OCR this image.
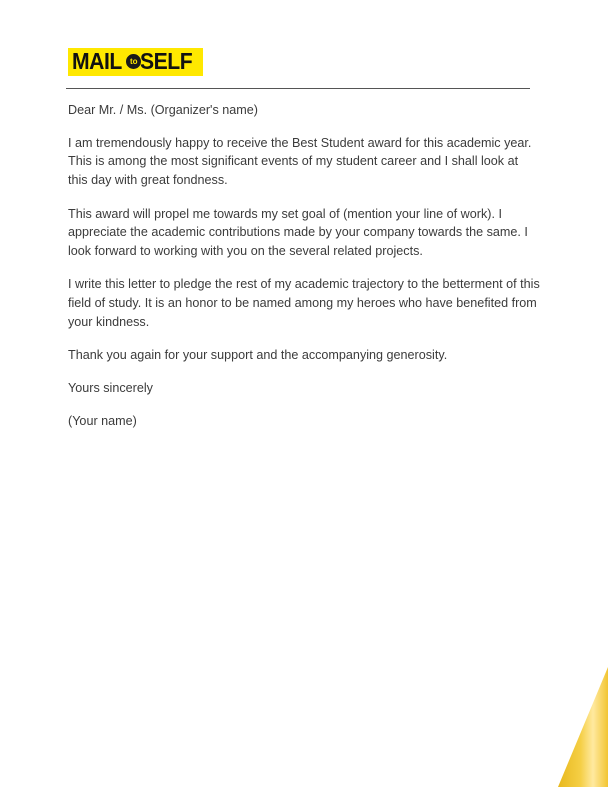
MAIL to SELF

Dear Mr. / Ms. (Organizer's name)

I am tremendously happy to receive the Best Student award for this academic year. This is among the most significant events of my student career and I shall look at this day with great fondness.

This award will propel me towards my set goal of (mention your line of work). I appreciate the academic contributions made by your company towards the same. I look forward to working with you on the several related projects.

I write this letter to pledge the rest of my academic trajectory to the betterment of this field of study. It is an honor to be named among my heroes who have benefited from your kindness.

Thank you again for your support and the accompanying generosity.

Yours sincerely

(Your name)
